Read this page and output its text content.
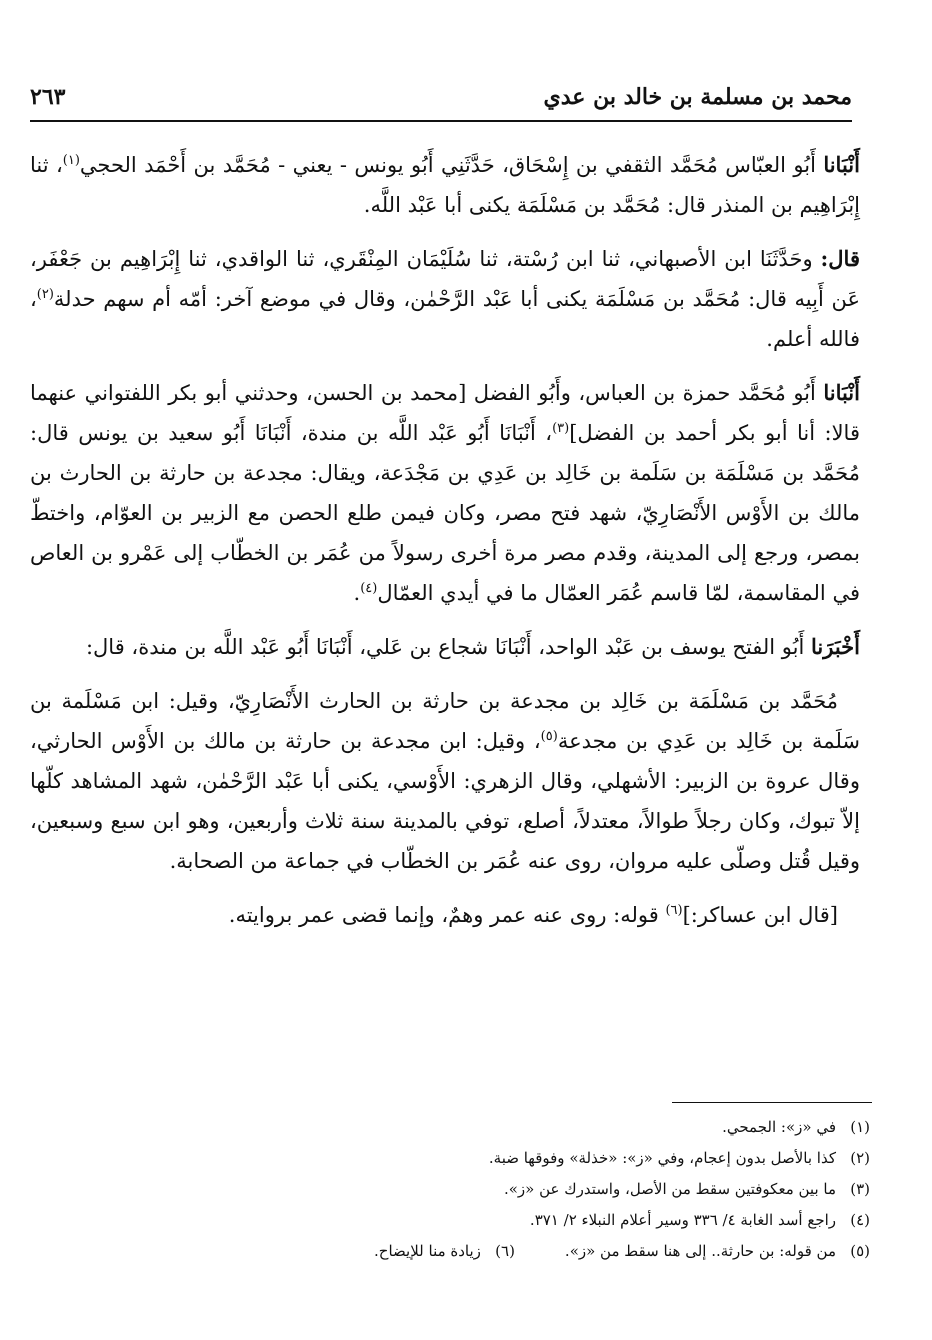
محمد بن مسلمة بن خالد بن عدي
٢٦٣

أَنْبَانا أَبُو العبّاس مُحَمَّد الثقفي بن إِسْحَاق، حَدَّثَنِي أَبُو يونس - يعني - مُحَمَّد بن أَحْمَد الحجي$^{(١)}$، ثنا إِبْرَاهِيم بن المنذر قال: مُحَمَّد بن مَسْلَمَة يكنى أبا عَبْد اللَّه.

قال: وحَدَّثَنَا ابن الأصبهاني، ثنا ابن رُسْتة، ثنا سُلَيْمَان المِنْقَري، ثنا الواقدي، ثنا إِبْرَاهِيم بن جَعْفَر، عَن أَبِيه قال: مُحَمَّد بن مَسْلَمَة يكنى أبا عَبْد الرَّحْمٰن، وقال في موضع آخر: أمّه أم سهم حدلة$^{(٢)}$، فالله أعلم.

أَنْبَانا أَبُو مُحَمَّد حمزة بن العباس، وأَبُو الفضل [محمد بن الحسن، وحدثني أبو بكر اللفتواني عنهما قالا: أنا أبو بكر أحمد بن الفضل]$^{(٣)}$، أَنْبَانَا أَبُو عَبْد اللَّه بن مندة، أَنْبَانَا أَبُو سعيد بن يونس قال: مُحَمَّد بن مَسْلَمَة بن سَلَمة بن خَالِد بن عَدِي بن مَجْدَعة، ويقال: مجدعة بن حارثة بن الحارث بن مالك بن الأَوْس الأَنْصَارِيّ، شهد فتح مصر، وكان فيمن طلع الحصن مع الزبير بن العوّام، واختطّ بمصر، ورجع إلى المدينة، وقدم مصر مرة أخرى رسولاً من عُمَر بن الخطّاب إلى عَمْرو بن العاص في المقاسمة، لمّا قاسم عُمَر العمّال ما في أيدي العمّال$^{(٤)}$.

أَخْبَرَنا أَبُو الفتح يوسف بن عَبْد الواحد، أَنْبَانَا شجاع بن عَلي، أَنْبَانَا أَبُو عَبْد اللَّه بن مندة، قال:

مُحَمَّد بن مَسْلَمَة بن خَالِد بن مجدعة بن حارثة بن الحارث الأَنْصَارِيّ، وقيل: ابن مَسْلَمة بن سَلَمة بن خَالِد بن عَدِي بن مجدعة$^{(٥)}$، وقيل: ابن مجدعة بن حارثة بن مالك بن الأَوْس الحارثي، وقال عروة بن الزبير: الأشهلي، وقال الزهري: الأَوْسي، يكنى أبا عَبْد الرَّحْمٰن، شهد المشاهد كلّها إلاّ تبوك، وكان رجلاً طوالاً، معتدلاً، أصلع، توفي بالمدينة سنة ثلاث وأربعين، وهو ابن سبع وسبعين، وقيل قُتل وصلّى عليه مروان، روى عنه عُمَر بن الخطّاب في جماعة من الصحابة.

[قال ابن عساكر:]$^{(٦)}$ قوله: روى عنه عمر وهمٌ، وإنما قضى عمر بروايته.

(١)في «ز»: الجمحي.
(٢)كذا بالأصل بدون إعجام، وفي «ز»: «خذلة» وفوقها ضبة.
(٣)ما بين معكوفتين سقط من الأصل، واستدرك عن «ز».
(٤)راجع أسد الغابة ٤/ ٣٣٦ وسير أعلام النبلاء ٢/ ٣٧١.
(٥)من قوله: بن حارثة.. إلى هنا سقط من «ز».(٦)زيادة منا للإيضاح.
